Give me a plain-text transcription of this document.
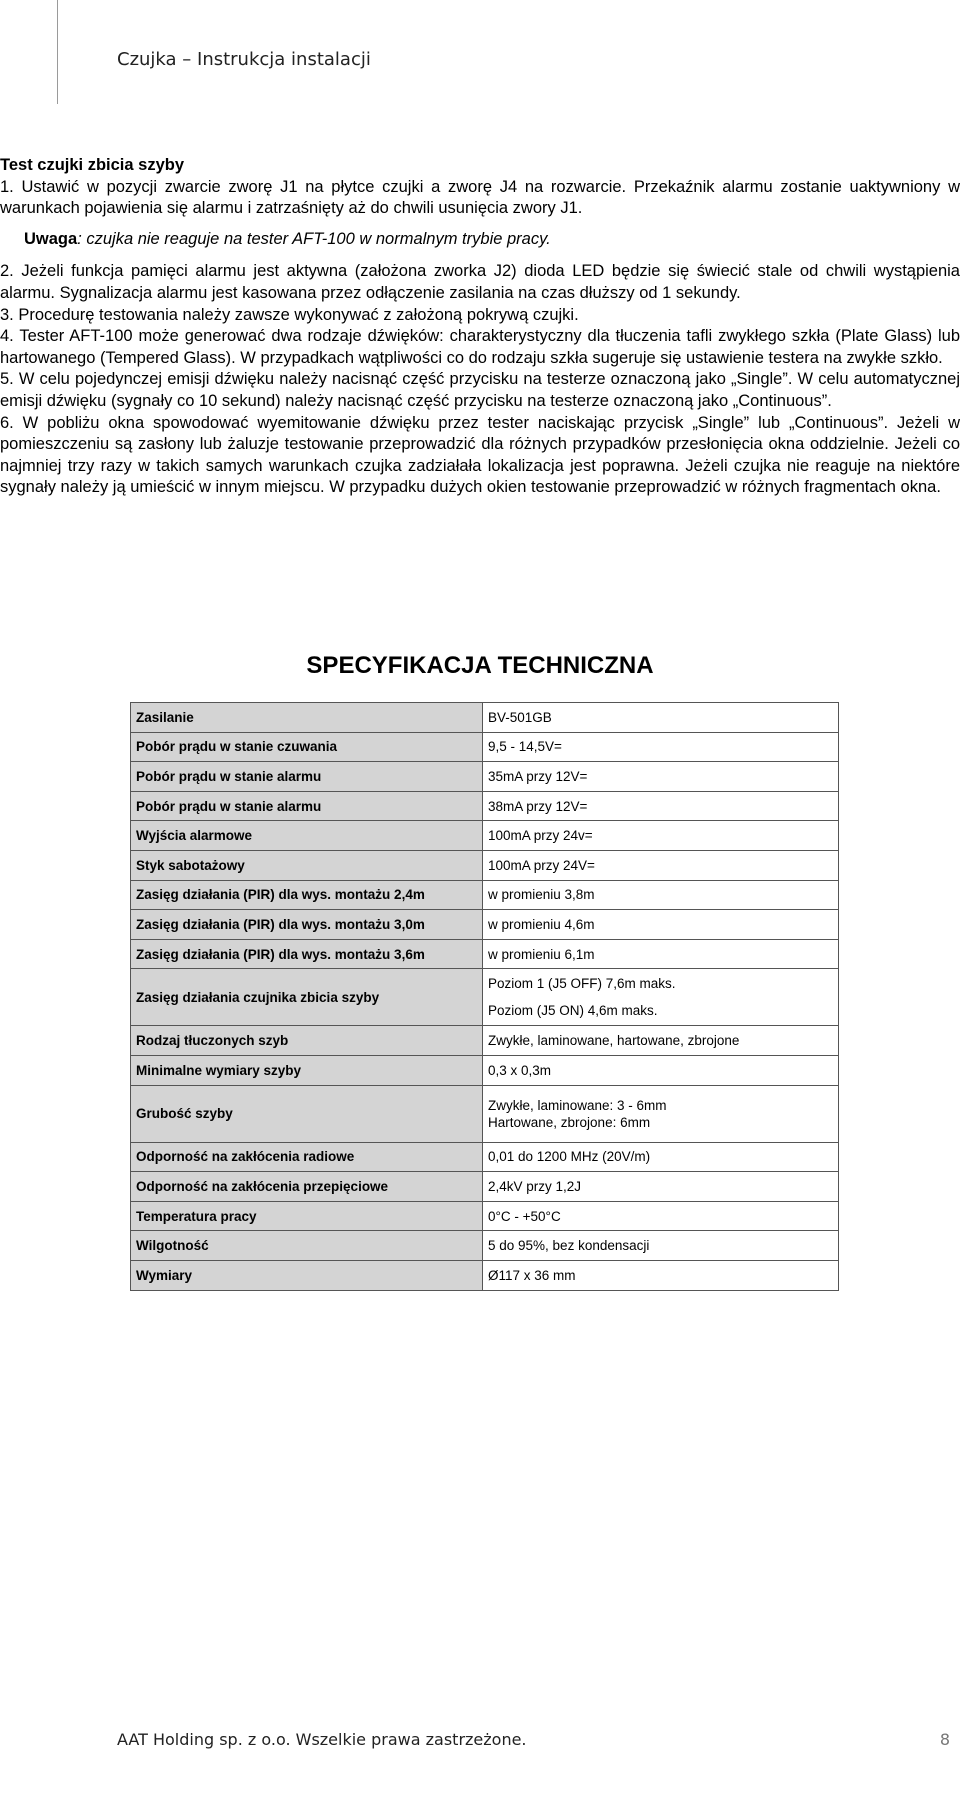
Czujka – Instrukcja instalacji

Test czujki zbicia szyby

1. Ustawić w pozycji zwarcie zworę J1 na płytce czujki a zworę J4 na rozwarcie. Przekaźnik alarmu zostanie uaktywniony w warunkach pojawienia się alarmu i zatrzaśnięty aż do chwili usunięcia zwory J1.

Uwaga: czujka nie reaguje na tester AFT-100 w normalnym trybie pracy.

2. Jeżeli funkcja pamięci alarmu jest aktywna (założona zworka J2) dioda LED będzie się świecić stale od chwili wystąpienia alarmu. Sygnalizacja alarmu jest kasowana przez odłączenie zasilania na czas dłuższy od 1 sekundy.

3. Procedurę testowania należy zawsze wykonywać z założoną pokrywą czujki.

4. Tester AFT-100 może generować dwa rodzaje dźwięków: charakterystyczny dla tłuczenia tafli zwykłego szkła (Plate Glass) lub hartowanego (Tempered Glass). W przypadkach wątpliwości co do rodzaju szkła sugeruje się ustawienie testera na zwykłe szkło.

5. W celu pojedynczej emisji dźwięku należy nacisnąć część przycisku na testerze oznaczoną jako „Single”. W celu automatycznej emisji dźwięku (sygnały co 10 sekund) należy nacisnąć część przycisku na testerze oznaczoną jako „Continuous”.

6. W pobliżu okna spowodować wyemitowanie dźwięku przez tester naciskając przycisk „Single” lub „Continuous”. Jeżeli w pomieszczeniu są zasłony lub żaluzje testowanie przeprowadzić dla różnych przypadków przesłonięcia okna oddzielnie. Jeżeli co najmniej trzy razy w takich samych warunkach czujka zadziałała lokalizacja jest poprawna. Jeżeli czujka nie reaguje na niektóre sygnały należy ją umieścić w innym miejscu. W przypadku dużych okien testowanie przeprowadzić w różnych fragmentach okna.

SPECYFIKACJA TECHNICZNA
Zasilanie	BV-501GB

Pobór prądu w stanie czuwania	9,5 - 14,5V=

Pobór prądu w stanie alarmu	35mA przy 12V=

Pobór prądu w stanie alarmu	38mA przy 12V=

Wyjścia alarmowe	100mA przy 24v=

Styk sabotażowy	100mA przy 24V=

Zasięg działania (PIR) dla wys. montażu 2,4m	w promieniu 3,8m

Zasięg działania (PIR) dla wys. montażu 3,0m	w promieniu 4,6m

Zasięg działania (PIR) dla wys. montażu 3,6m	w promieniu 6,1m

Zasięg działania czujnika zbicia szyby	Poziom 1 (J5 OFF) 7,6m maks.
Poziom (J5 ON) 4,6m maks.

Rodzaj tłuczonych szyb	Zwykłe, laminowane, hartowane, zbrojone

Minimalne wymiary szyby	0,3 x 0,3m

Grubość szyby	Zwykłe, laminowane: 3 - 6mm
Hartowane, zbrojone: 6mm

Odporność na zakłócenia radiowe	0,01 do 1200 MHz (20V/m)

Odporność na zakłócenia przepięciowe	2,4kV przy 1,2J

Temperatura pracy	0°C - +50°C

Wilgotność	5 do 95%, bez kondensacji

Wymiary	Ø117 x 36 mm
AAT Holding sp. z o.o. Wszelkie prawa zastrzeżone.	8
